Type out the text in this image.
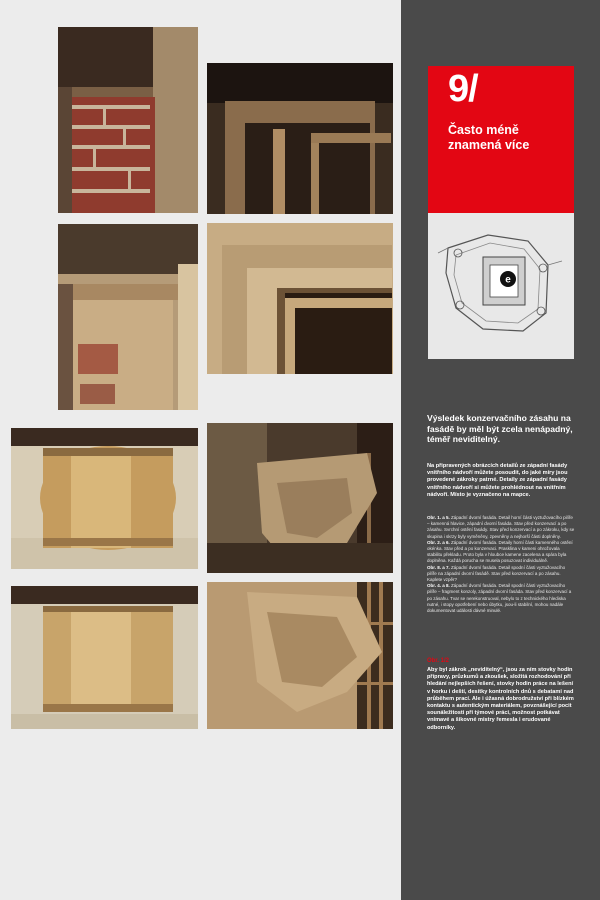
9/
Často méně znamená více
e
Výsledek konzervačního zásahu na fasádě by měl být zcela nenápadný, téměř neviditelný.
Na připravených obrázcích detailů ze západní fasády vnitřního nádvoří můžete posoudit, do jaké míry jsou provedené zákroky patrné. Detaily ze západní fasády vnitřního nádvoří si můžete prohlédnout na vnitřním nádvoří. Místo je vyznačeno na mapce.

Obr. 1. a 5. Západní dvorní fasáda. Detail horní části vyztužovacího pilíře – kamenná hlavice, západní dvorní fasáda. Stav před konzervací a po zásahu. Svrchní ostění fasády. Stav před konzervací a po zákroku, kdy se skupina i skrzy byly vyměněny, zpevněny a nejhorší části doplněny.

Obr. 2. a 6. Západní dvorní fasáda. Detaily horní části kamenného ostění okénka. Stav před a po konzervaci. Prasklina v kameni ohrožovala stabilitu překladu. Proto byla v hloubce kamene zacelena a spára byla doplněna. Každá porucha se musela posuzovat individuálně.

Obr. 8. a 7. Západní dvorní fasáda. Detail spodní části vyztužovacího pilíře na západní dvorní fasádě. Stav před konzervací a po zásahu. Kaplete vzpěr?

Obr. 4. a 8. Západní dvorní fasáda. Detail spodní části vyztužovacího pilíře – fragment konzoly, západní dvorní fasáda. Stav před konzervací a po zásahu. Tvar se nerekonstruoval, nebylo to z technického hlediska nutné, i stopy opotřebení nebo úbytku, jsou-li stabilní, mohou nadále dokumentovat události dávné minulé.

Obr. 1/2
Aby byl zákrok „neviditelný“, jsou za ním stovky hodin přípravy, průzkumů a zkoušek, složitá rozhodování při hledání nejlepších řešení, stovky hodin práce na lešení v horku i deští, desítky kontrolních dnů s debatami nad průběhem prací. Ale i úžasná dobrodružství při blízkém kontaktu s autentickým materiálem, povznášející pocit sounáležitosti při týmové práci, možnost potkávat vnímavé a šikovné mistry řemesla i erudované odborníky.
